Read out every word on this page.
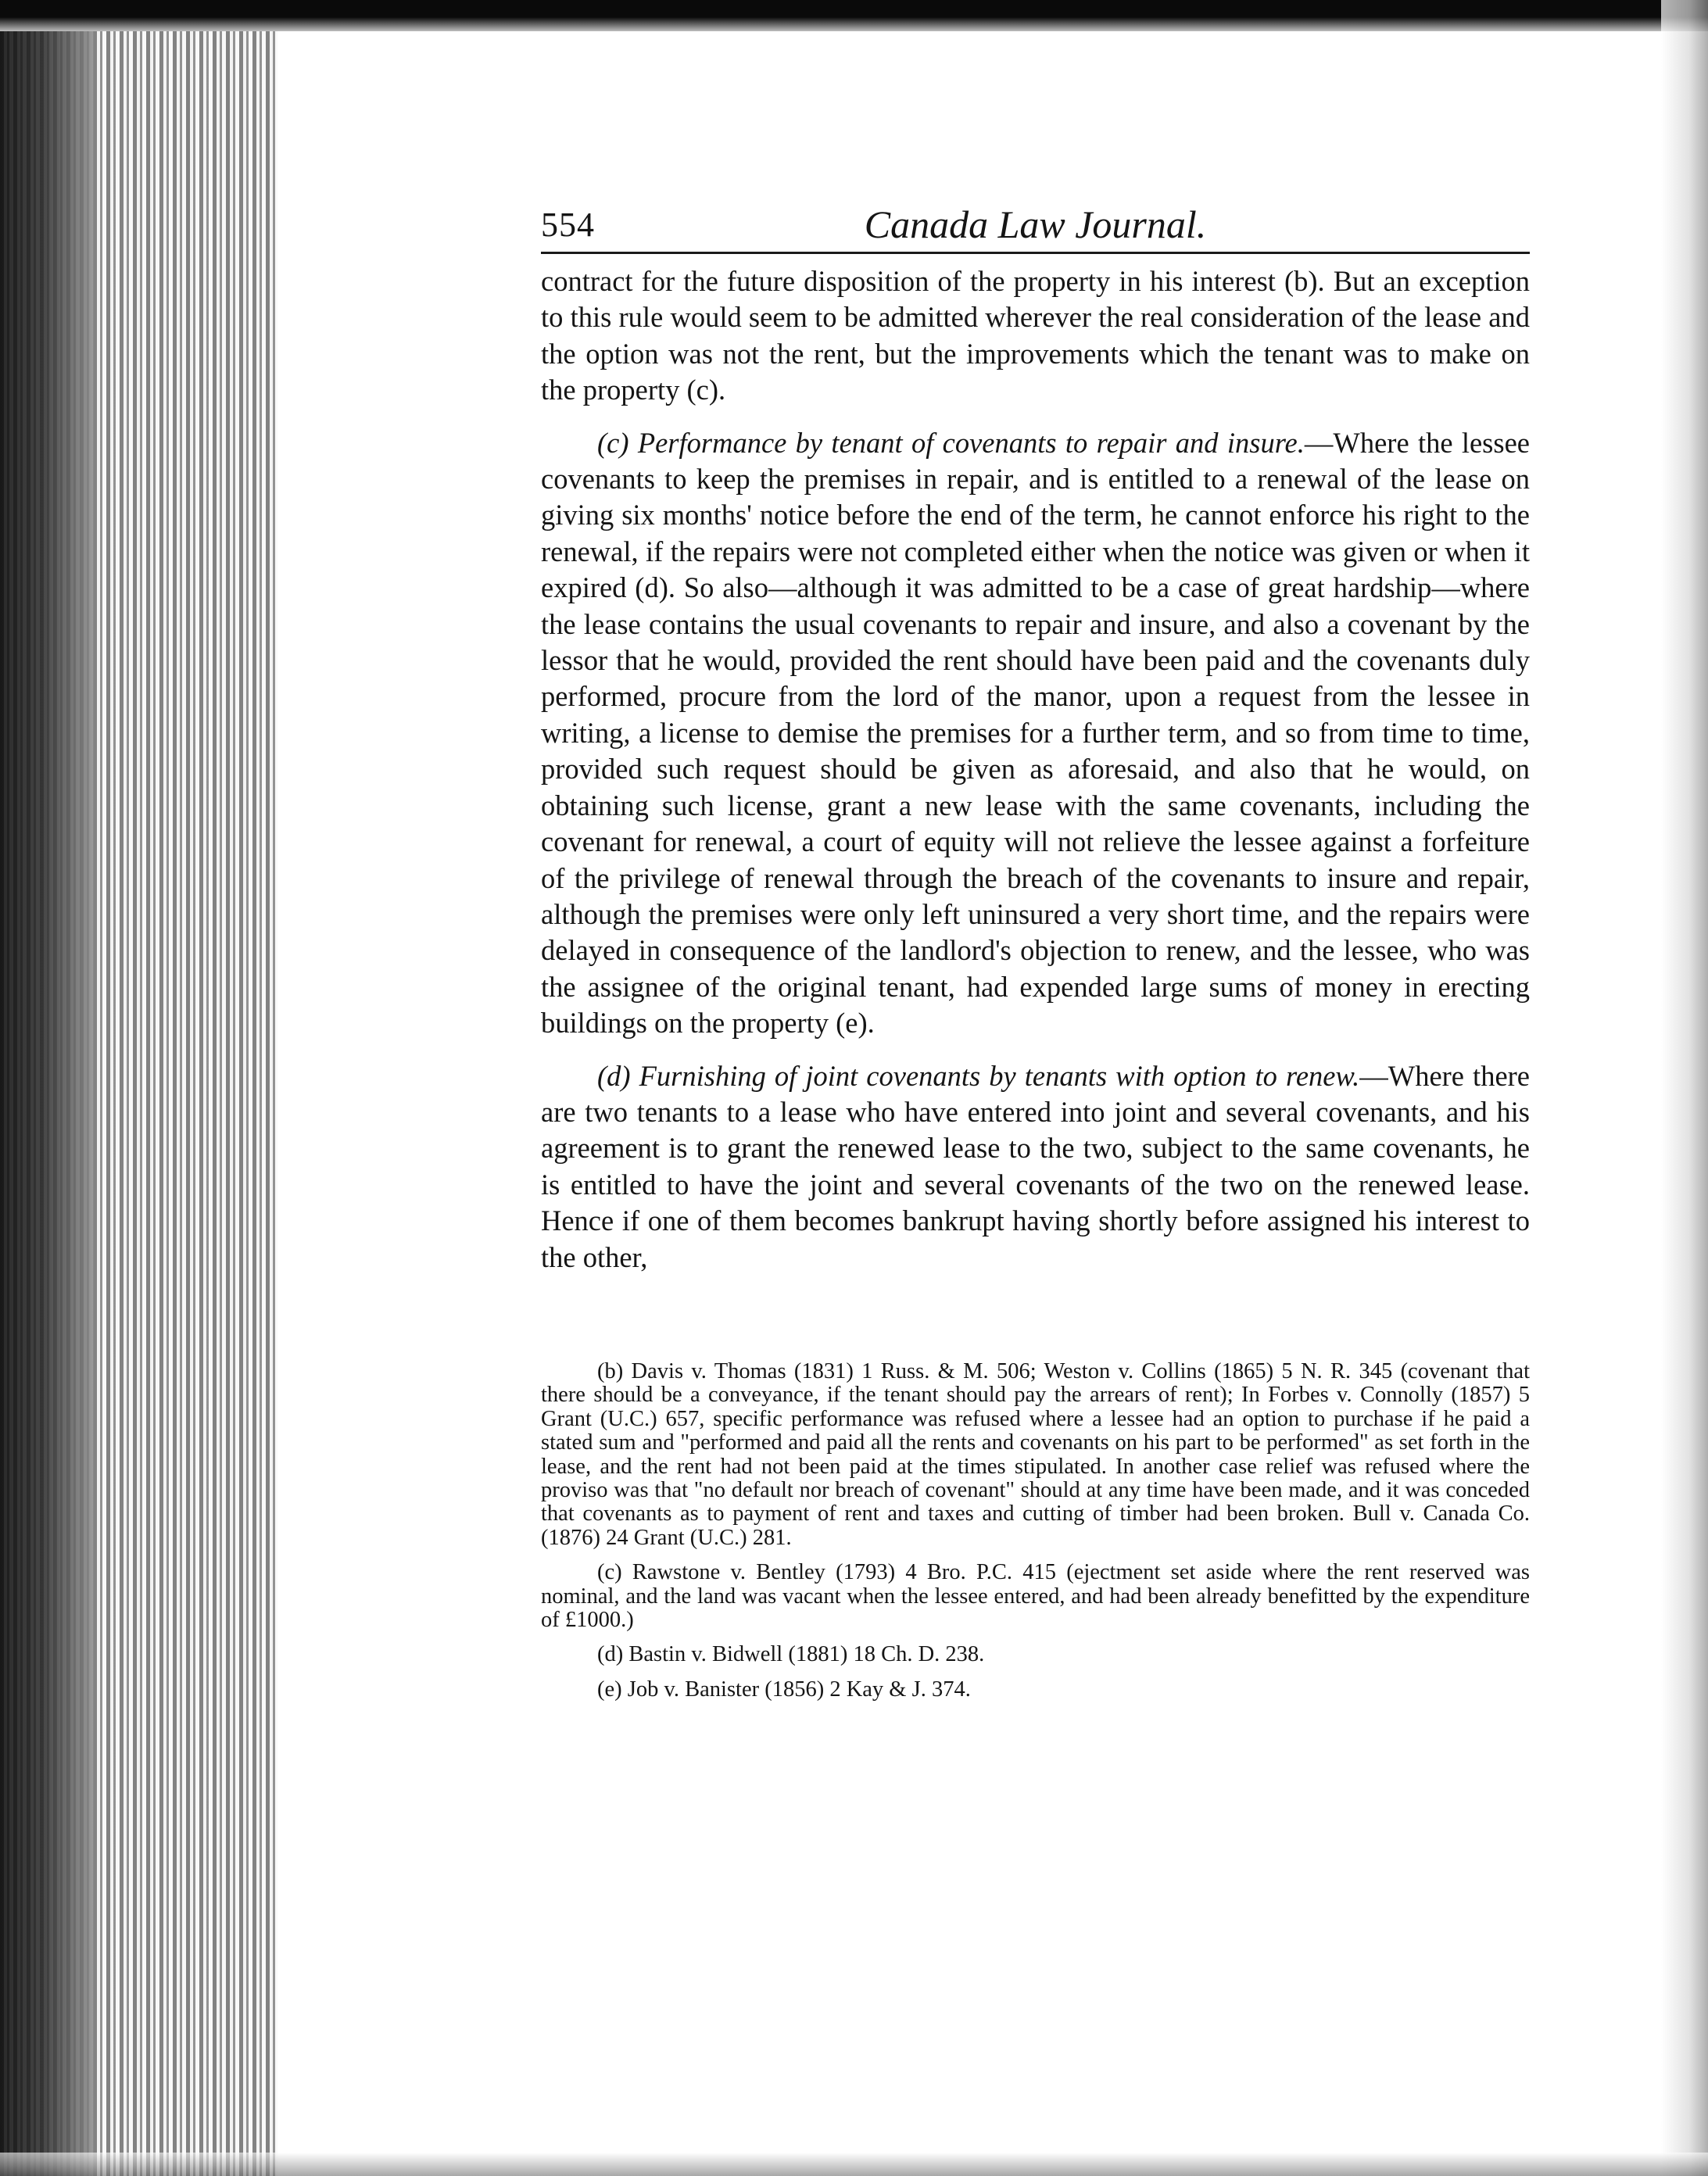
554	Canada Law Journal.

contract for the future disposition of the property in his interest (b). But an exception to this rule would seem to be admitted wherever the real consideration of the lease and the option was not the rent, but the improvements which the tenant was to make on the property (c).

(c) Performance by tenant of covenants to repair and insure.—Where the lessee covenants to keep the premises in repair, and is entitled to a renewal of the lease on giving six months' notice before the end of the term, he cannot enforce his right to the renewal, if the repairs were not completed either when the notice was given or when it expired (d). So also—although it was admitted to be a case of great hardship—where the lease contains the usual covenants to repair and insure, and also a covenant by the lessor that he would, provided the rent should have been paid and the covenants duly performed, procure from the lord of the manor, upon a request from the lessee in writing, a license to demise the premises for a further term, and so from time to time, provided such request should be given as aforesaid, and also that he would, on obtaining such license, grant a new lease with the same covenants, including the covenant for renewal, a court of equity will not relieve the lessee against a forfeiture of the privilege of renewal through the breach of the covenants to insure and repair, although the premises were only left uninsured a very short time, and the repairs were delayed in consequence of the landlord's objection to renew, and the lessee, who was the assignee of the original tenant, had expended large sums of money in erecting buildings on the property (e).

(d) Furnishing of joint covenants by tenants with option to renew.—Where there are two tenants to a lease who have entered into joint and several covenants, and his agreement is to grant the renewed lease to the two, subject to the same covenants, he is entitled to have the joint and several covenants of the two on the renewed lease. Hence if one of them becomes bankrupt having shortly before assigned his interest to the other,

(b) Davis v. Thomas (1831) 1 Russ. & M. 506; Weston v. Collins (1865) 5 N. R. 345 (covenant that there should be a conveyance, if the tenant should pay the arrears of rent); In Forbes v. Connolly (1857) 5 Grant (U.C.) 657, specific performance was refused where a lessee had an option to purchase if he paid a stated sum and "performed and paid all the rents and covenants on his part to be performed" as set forth in the lease, and the rent had not been paid at the times stipulated. In another case relief was refused where the proviso was that "no default nor breach of covenant" should at any time have been made, and it was conceded that covenants as to payment of rent and taxes and cutting of timber had been broken. Bull v. Canada Co. (1876) 24 Grant (U.C.) 281.

(c) Rawstone v. Bentley (1793) 4 Bro. P.C. 415 (ejectment set aside where the rent reserved was nominal, and the land was vacant when the lessee entered, and had been already benefitted by the expenditure of £1000.)

(d) Bastin v. Bidwell (1881) 18 Ch. D. 238.

(e) Job v. Banister (1856) 2 Kay & J. 374.
